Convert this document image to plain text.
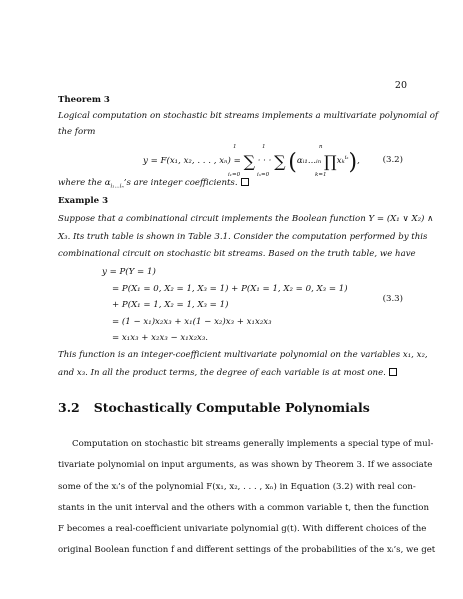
20
Theorem 3
Logical computation on stochastic bit streams implements a multivariate polynomial of
the form
y = F(x₁, x₂, . . . , xₙ) = ∑ · · · ∑ (αᵢ₁...ᵢₙ ∏xₖ$^{i_k}$),
1
i₁=0
1
iₙ=0
n
k=1
(3.2)
where the $\alpha_{i_1...i_n}’s$ are integer coefficients.
Example 3
Suppose that a combinational circuit implements the Boolean function Y = (X₁ ∨ X₂) ∧
X₃. Its truth table is shown in Table 3.1. Consider the computation performed by this
combinational circuit on stochastic bit streams. Based on the truth table, we have
y = P(Y = 1)
= P(X₁ = 0, X₂ = 1, X₃ = 1) + P(X₁ = 1, X₂ = 0, X₃ = 1)
+ P(X₁ = 1, X₂ = 1, X₃ = 1)
= (1 − x₁)x₂x₃ + x₁(1 − x₂)x₃ + x₁x₂x₃
= x₁x₃ + x₂x₃ − x₁x₂x₃.
(3.3)
This function is an integer-coefficient multivariate polynomial on the variables x₁, x₂,
and x₃. In all the product terms, the degree of each variable is at most one.
3.2 Stochastically Computable Polynomials
Computation on stochastic bit streams generally implements a special type of mul-
tivariate polynomial on input arguments, as was shown by Theorem 3. If we associate
some of the xᵢ’s of the polynomial F(x₁, x₂, . . . , xₙ) in Equation (3.2) with real con-
stants in the unit interval and the others with a common variable t, then the function
F becomes a real-coefficient univariate polynomial g(t). With different choices of the
original Boolean function f and different settings of the probabilities of the xᵢ’s, we get
